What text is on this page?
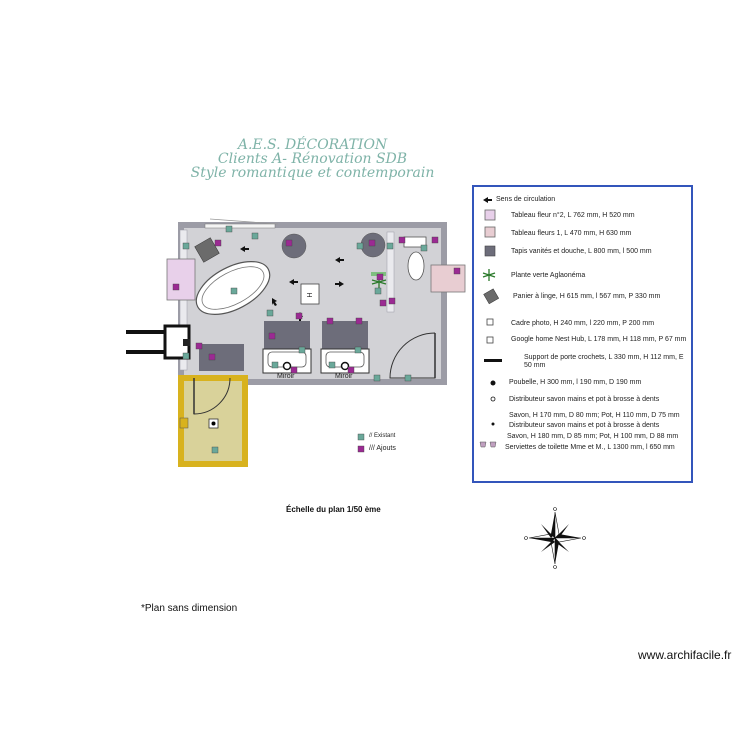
A.E.S. DÉCORATION
Clients A- Rénovation SDB
Style romantique et contemporain
H
Miroir	Miroir
// Existant
/// Ajouts
Échelle du plan 1/50 ème
*Plan sans dimension
www.archifacile.fr
Sens de circulation
Tableau fleur n°2, L 762 mm, H 520 mm
Tableau fleurs 1, L 470 mm, H 630 mm
Tapis vanités et douche, L 800 mm, l 500 mm
Plante verte Aglaonéma
Panier à linge, H 615 mm, l 567 mm, P 330 mm
Cadre photo, H 240 mm, l 220 mm, P 200 mm
Google home Nest Hub, L 178 mm, H 118 mm, P 67 mm
Support de porte crochets, L 330 mm, H 112 mm, E 50 mm
Poubelle, H 300 mm, l 190 mm, D 190 mm
Distributeur savon mains et pot à brosse à dents
Savon, H 170 mm, D 80 mm; Pot, H 110 mm, D 75 mm
Distributeur savon mains et pot à brosse à dents
Savon, H 180 mm, D 85 mm; Pot, H 100 mm, D 88 mm
Serviettes de toilette Mme et M., L 1300 mm, l 650 mm
